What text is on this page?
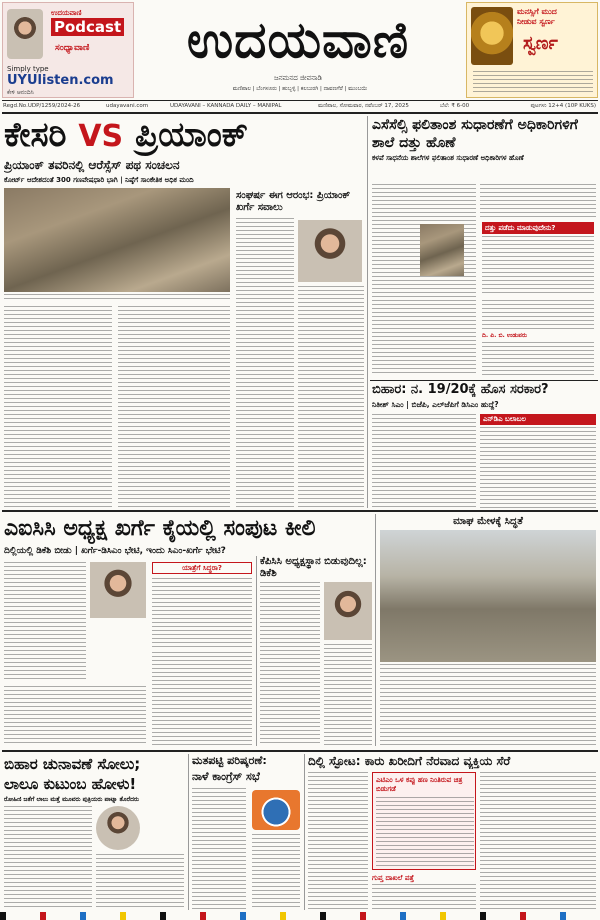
ಉದಯವಾಣಿ
Podcast
ಸಂಧ್ಯಾವಾಣಿ
Simply type
UYUlisten.com
ಕೇಳಿ ಆನಂದಿಸಿ
ಉದಯವಾಣಿ
ಜನಮನದ ಜೀವನಾಡಿ
ಮಣಿಪಾಲ | ಬೆಂಗಳೂರು | ಹುಬ್ಬಳ್ಳಿ | ಕಲಬುರಗಿ | ದಾವಣಗೆರೆ | ಮುಂಬಯಿ
ಮನಸ್ಸಿಗೆ ಮುದ
ನೀಡುವ ಸ್ವರ್ಣ
ಸ್ವರ್ಣ
Regd.No.UDP/1259/2024-26	udayavani.com	UDAYAVANI – KANNADA DAILY – MANIPAL	ಮಣಿಪಾಲ, ಸೋಮವಾರ, ನವೆಂಬರ್ 17, 2025	ಬೆಲೆ: ₹ 6-00	ಪುಟಗಳು 12+4 (10P KUKS)
ಕೇಸರಿ VS ಪ್ರಿಯಾಂಕ್
ಪ್ರಿಯಾಂಕ್ ತವರಿನಲ್ಲಿ ಆರೆಸ್ಸೆಸ್ ಪಥ ಸಂಚಲನ
ಕೋರ್ಟ್ ಆದೇಶದಂತೆ 300 ಗಣವೇಷಧಾರಿ ಭಾಗಿ | ನಿಷ್ಠೆಗೆ ಸಾಂಕೇತಿಕ ಅಧಿಕ ಮಂದಿ
ಸಂಘರ್ಷ ಈಗ ಆರಂಭ: ಪ್ರಿಯಾಂಕ್ ಖರ್ಗೆ ಸವಾಲು
ಎಸೆಸೆಲ್ಸಿ ಫಲಿತಾಂಶ ಸುಧಾರಣೆಗೆ ಅಧಿಕಾರಿಗಳಿಗೆ ಶಾಲೆ ದತ್ತು ಹೊಣೆ
ಕಳಪೆ ಸಾಧನೆಯ ಶಾಲೆಗಳ ಫಲಿತಾಂಶ ಸುಧಾರಣೆ ಅಧಿಕಾರಿಗಳ ಹೊಣೆ
ದತ್ತು ಪಡೆದು ಮಾಡುವುದೇನು?
ದಿ. ಪಿ. ಬಿ. ಉಡುಪರು
ಬಿಹಾರ: ನ. 19/20ಕ್ಕೆ ಹೊಸ ಸರಕಾರ?
ನಿತೀಶ್ ಸಿಎಂ | ಬಿಜೆಪಿ, ಎಲ್‌ಜೆಪಿಗೆ ಡಿಸಿಎಂ ಹುದ್ದೆ?
ಎನ್‌ಡಿಎ ಬಲಾಬಲ
ಎಐಸಿಸಿ ಅಧ್ಯಕ್ಷ ಖರ್ಗೆ ಕೈಯಲ್ಲಿ ಸಂಪುಟ ಕೀಲಿ
ದಿಲ್ಲಿಯಲ್ಲಿ ಡಿಕೆಶಿ ಬೀಡು | ಖರ್ಗೆ-ಡಿಸಿಎಂ ಭೇಟಿ, ಇಂದು ಸಿಎಂ-ಖರ್ಗೆ ಭೇಟಿ?
ಯಾತ್ರೆಗೆ ಸಿದ್ಧರಾ?
ಕೆಪಿಸಿಸಿ ಅಧ್ಯಕ್ಷಸ್ಥಾನ ಬಿಡುವುದಿಲ್ಲ: ಡಿಕೆಶಿ
ಮಾಘ ಮೇಳಕ್ಕೆ ಸಿದ್ಧತೆ
ಬಿಹಾರ ಚುನಾವಣೆ ಸೋಲು;
ಲಾಲೂ ಕುಟುಂಬ ಹೋಳು!
ರೋಹಿಣಿ ಜತೆಗೆ ಲಾಲು ಮತ್ತೆ ಮೂವರು ಪುತ್ರಿಯರು ಪಾಟ್ನಾ ತೊರೆದರು
ಮತಪಟ್ಟಿ ಪರಿಷ್ಕರಣೆ:
ನಾಳೆ ಕಾಂಗ್ರೆಸ್ ಸಭೆ
ದಿಲ್ಲಿ ಸ್ಫೋಟ: ಕಾರು ಖರೀದಿಗೆ ನೆರವಾದ ವ್ಯಕ್ತಿಯ ಸೆರೆ
ಎಟಿಎಂ ಒಳ ಕಪ್ಪು ಹಣ ನಿಂತಿರುವ ಚಿತ್ರ ಬಿಡುಗಡೆ
ಗುಪ್ತ ದಾಖಲೆ ಪತ್ತೆ
